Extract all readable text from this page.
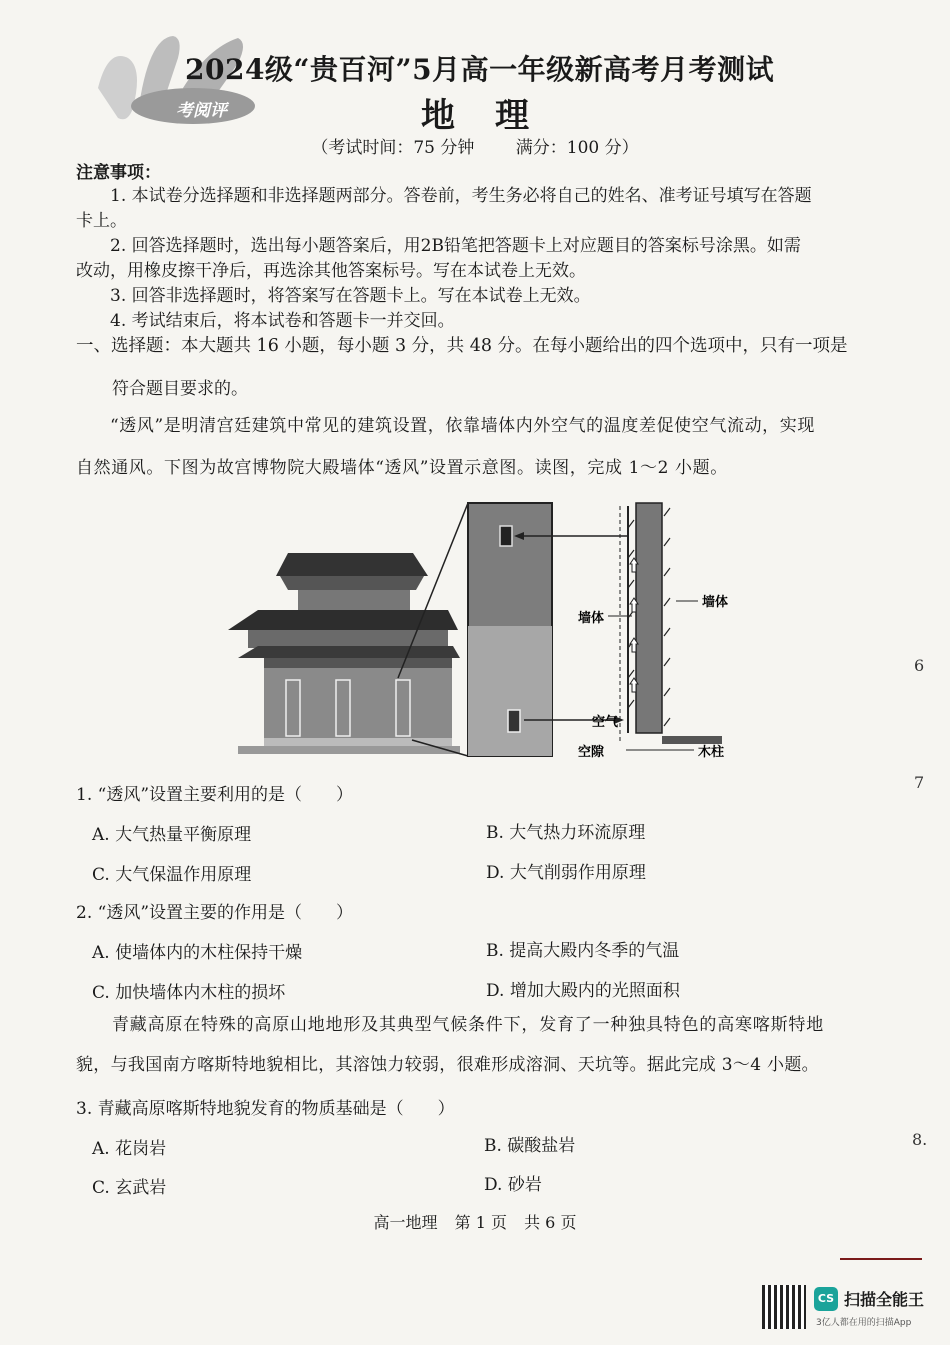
考阅评
2024级“贵百河”5月高一年级新高考月考测试
地理
（考试时间：75 分钟 满分：100 分）
注意事项：
1. 本试卷分选择题和非选择题两部分。答卷前，考生务必将自己的姓名、准考证号填写在答题
卡上。
2. 回答选择题时，选出每小题答案后，用2B铅笔把答题卡上对应题目的答案标号涂黑。如需
改动，用橡皮擦干净后，再选涂其他答案标号。写在本试卷上无效。
3. 回答非选择题时，将答案写在答题卡上。写在本试卷上无效。
4. 考试结束后，将本试卷和答题卡一并交回。
一、选择题：本大题共 16 小题，每小题 3 分，共 48 分。在每小题给出的四个选项中，只有一项是
符合题目要求的。
“透风”是明清宫廷建筑中常见的建筑设置，依靠墙体内外空气的温度差促使空气流动，实现
自然通风。下图为故宫博物院大殿墙体“透风”设置示意图。读图，完成 1～2 小题。
墙体
墙体
空气
空隙	木柱
1. “透风”设置主要利用的是（　　）
A. 大气热量平衡原理	B. 大气热力环流原理
C. 大气保温作用原理	D. 大气削弱作用原理
2. “透风”设置主要的作用是（　　）
A. 使墙体内的木柱保持干燥	B. 提高大殿内冬季的气温
C. 加快墙体内木柱的损坏	D. 增加大殿内的光照面积
青藏高原在特殊的高原山地地形及其典型气候条件下，发育了一种独具特色的高寒喀斯特地
貌，与我国南方喀斯特地貌相比，其溶蚀力较弱，很难形成溶洞、天坑等。据此完成 3～4 小题。
3. 青藏高原喀斯特地貌发育的物质基础是（　　）
A. 花岗岩	B. 碳酸盐岩
C. 玄武岩	D. 砂岩
6
7
8.
高一地理 第 1 页 共 6 页
CS 扫描全能王
3亿人都在用的扫描App
